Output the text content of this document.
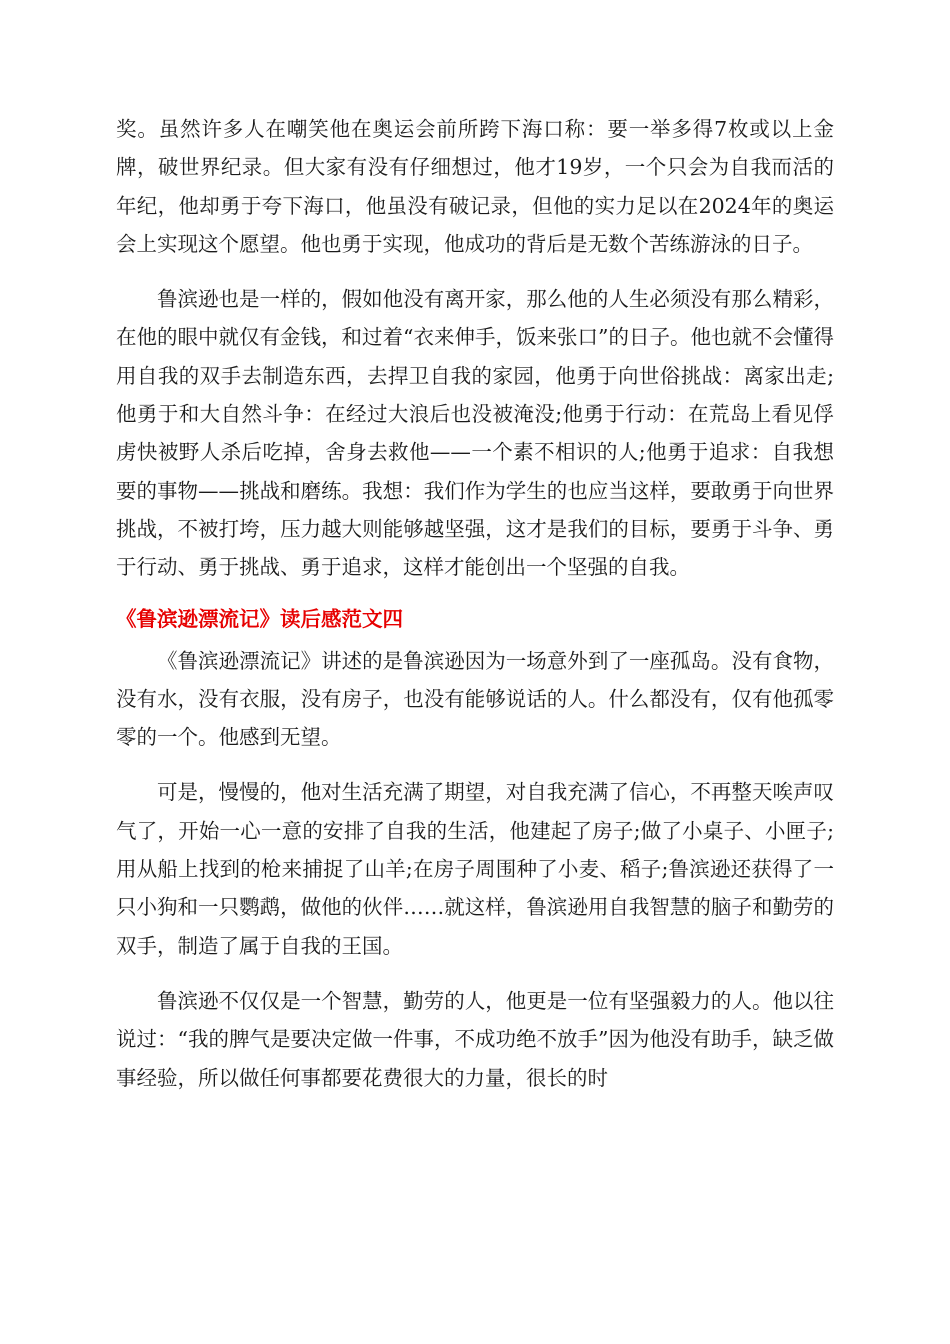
奖。虽然许多人在嘲笑他在奥运会前所跨下海口称：要一举多得7枚或以上金牌，破世界纪录。但大家有没有仔细想过，他才19岁，一个只会为自我而活的年纪，他却勇于夸下海口，他虽没有破记录，但他的实力足以在2024年的奥运会上实现这个愿望。他也勇于实现，他成功的背后是无数个苦练游泳的日子。

鲁滨逊也是一样的，假如他没有离开家，那么他的人生必须没有那么精彩，在他的眼中就仅有金钱，和过着“衣来伸手，饭来张口”的日子。他也就不会懂得用自我的双手去制造东西，去捍卫自我的家园，他勇于向世俗挑战：离家出走;他勇于和大自然斗争：在经过大浪后也没被淹没;他勇于行动：在荒岛上看见俘虏快被野人杀后吃掉，舍身去救他——一个素不相识的人;他勇于追求：自我想要的事物——挑战和磨练。我想：我们作为学生的也应当这样，要敢勇于向世界挑战，不被打垮，压力越大则能够越坚强，这才是我们的目标，要勇于斗争、勇于行动、勇于挑战、勇于追求，这样才能创出一个坚强的自我。

《鲁滨逊漂流记》读后感范文四

《鲁滨逊漂流记》讲述的是鲁滨逊因为一场意外到了一座孤岛。没有食物，没有水，没有衣服，没有房子，也没有能够说话的人。什么都没有，仅有他孤零零的一个。他感到无望。

可是，慢慢的，他对生活充满了期望，对自我充满了信心，不再整天唉声叹气了，开始一心一意的安排了自我的生活，他建起了房子;做了小桌子、小匣子;用从船上找到的枪来捕捉了山羊;在房子周围种了小麦、稻子;鲁滨逊还获得了一只小狗和一只鹦鹉，做他的伙伴……就这样，鲁滨逊用自我智慧的脑子和勤劳的双手，制造了属于自我的王国。

鲁滨逊不仅仅是一个智慧，勤劳的人，他更是一位有坚强毅力的人。他以往说过：“我的脾气是要决定做一件事，不成功绝不放手”因为他没有助手，缺乏做事经验，所以做任何事都要花费很大的力量，很长的时
